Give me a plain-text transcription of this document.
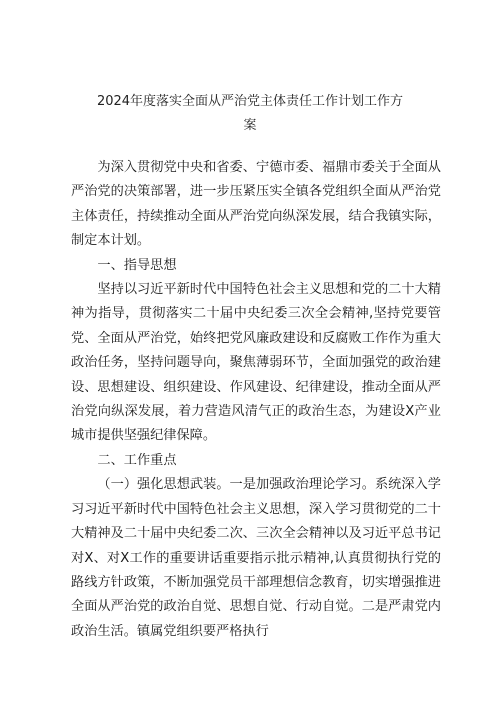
2024年度落实全面从严治党主体责任工作计划工作方
案

为深入贯彻党中央和省委、宁德市委、福鼎市委关于全面从严治党的决策部署，进一步压紧压实全镇各党组织全面从严治党主体责任，持续推动全面从严治党向纵深发展，结合我镇实际，制定本计划。

一、指导思想

坚持以习近平新时代中国特色社会主义思想和党的二十大精神为指导，贯彻落实二十届中央纪委三次全会精神,坚持党要管党、全面从严治党，始终把党风廉政建设和反腐败工作作为重大政治任务，坚持问题导向，聚焦薄弱环节，全面加强党的政治建设、思想建设、组织建设、作风建设、纪律建设，推动全面从严治党向纵深发展，着力营造风清气正的政治生态，为建设X产业城市提供坚强纪律保障。

二、工作重点

（一）强化思想武装。一是加强政治理论学习。系统深入学习习近平新时代中国特色社会主义思想，深入学习贯彻党的二十大精神及二十届中央纪委二次、三次全会精神以及习近平总书记对X、对X工作的重要讲话重要指示批示精神,认真贯彻执行党的路线方针政策，不断加强党员干部理想信念教育，切实增强推进全面从严治党的政治自觉、思想自觉、行动自觉。二是严肃党内政治生活。镇属党组织要严格执行
